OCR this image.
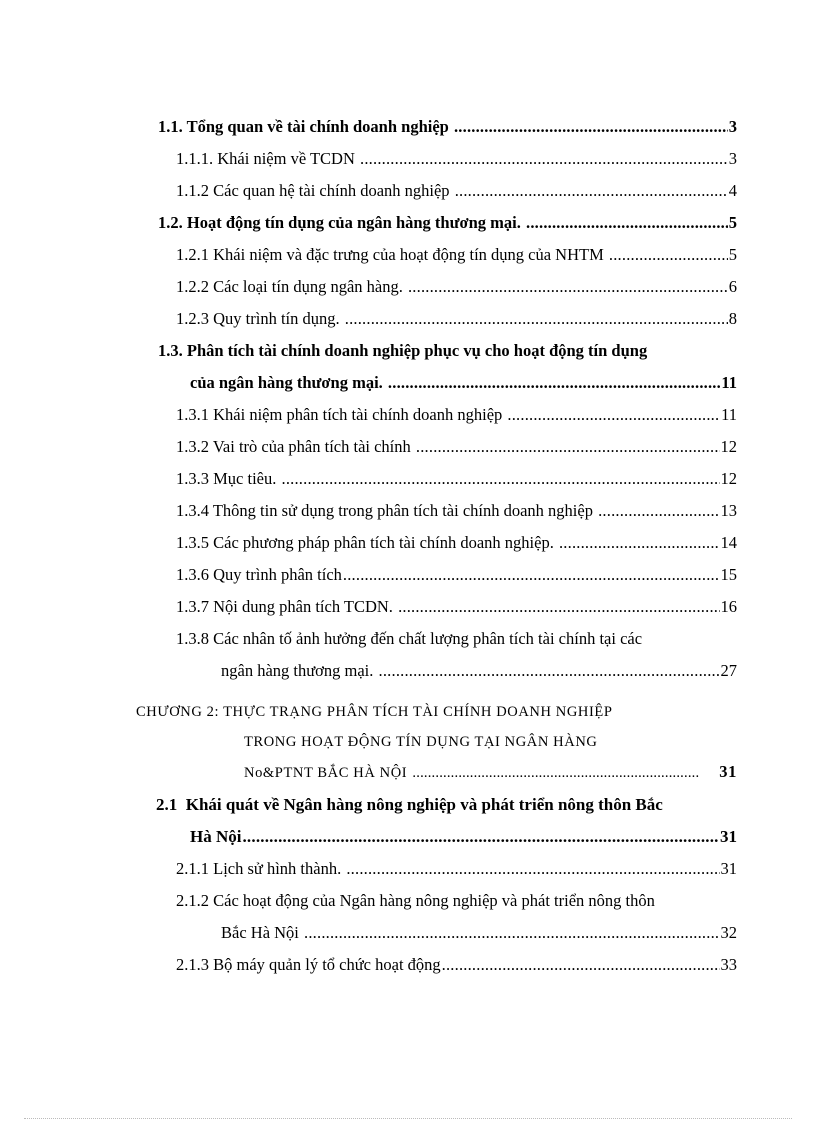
1.1. Tổng quan về tài chính doanh nghiệp .....	3
1.1.1. Khái niệm về TCDN .....	3
1.1.2 Các quan hệ tài chính doanh nghiệp .....	4
1.2. Hoạt động tín dụng của ngân hàng thương mại. .....	5
1.2.1 Khái niệm và đặc trưng của hoạt động tín dụng của NHTM .....	5
1.2.2 Các loại tín dụng ngân hàng. .....	6
1.2.3 Quy trình tín dụng. .....	8
1.3. Phân tích tài chính doanh nghiệp phục vụ cho hoạt động tín dụng
của ngân hàng thương mại. .....	11
1.3.1 Khái niệm phân tích tài chính doanh nghiệp .....	11
1.3.2 Vai trò của phân tích tài chính .....	12
1.3.3 Mục tiêu. .....	12
1.3.4 Thông tin sử dụng trong phân tích tài chính doanh nghiệp .....	13
1.3.5 Các phương pháp phân tích tài chính doanh nghiệp. .....	14
1.3.6 Quy trình phân tích .....	15
1.3.7 Nội dung phân tích TCDN. .....	16
1.3.8 Các nhân tố ảnh hưởng đến chất lượng phân tích tài chính tại các
ngân hàng thương mại. .....	27
CHƯƠNG 2: THỰC TRẠNG PHÂN TÍCH TÀI CHÍNH DOANH NGHIỆP
TRONG HOẠT ĐỘNG TÍN DỤNG TẠI NGÂN HÀNG
No&PTNT BẮC HÀ NỘI .....	31
2.1  Khái quát về Ngân hàng nông nghiệp và phát triển nông thôn Bắc
Hà Nội .....	31
2.1.1 Lịch sử hình thành. .....	31
2.1.2 Các hoạt động của Ngân hàng nông nghiệp và phát triển nông thôn
Bắc Hà Nội .....	32
2.1.3 Bộ máy quản lý tổ chức hoạt động .....	33
